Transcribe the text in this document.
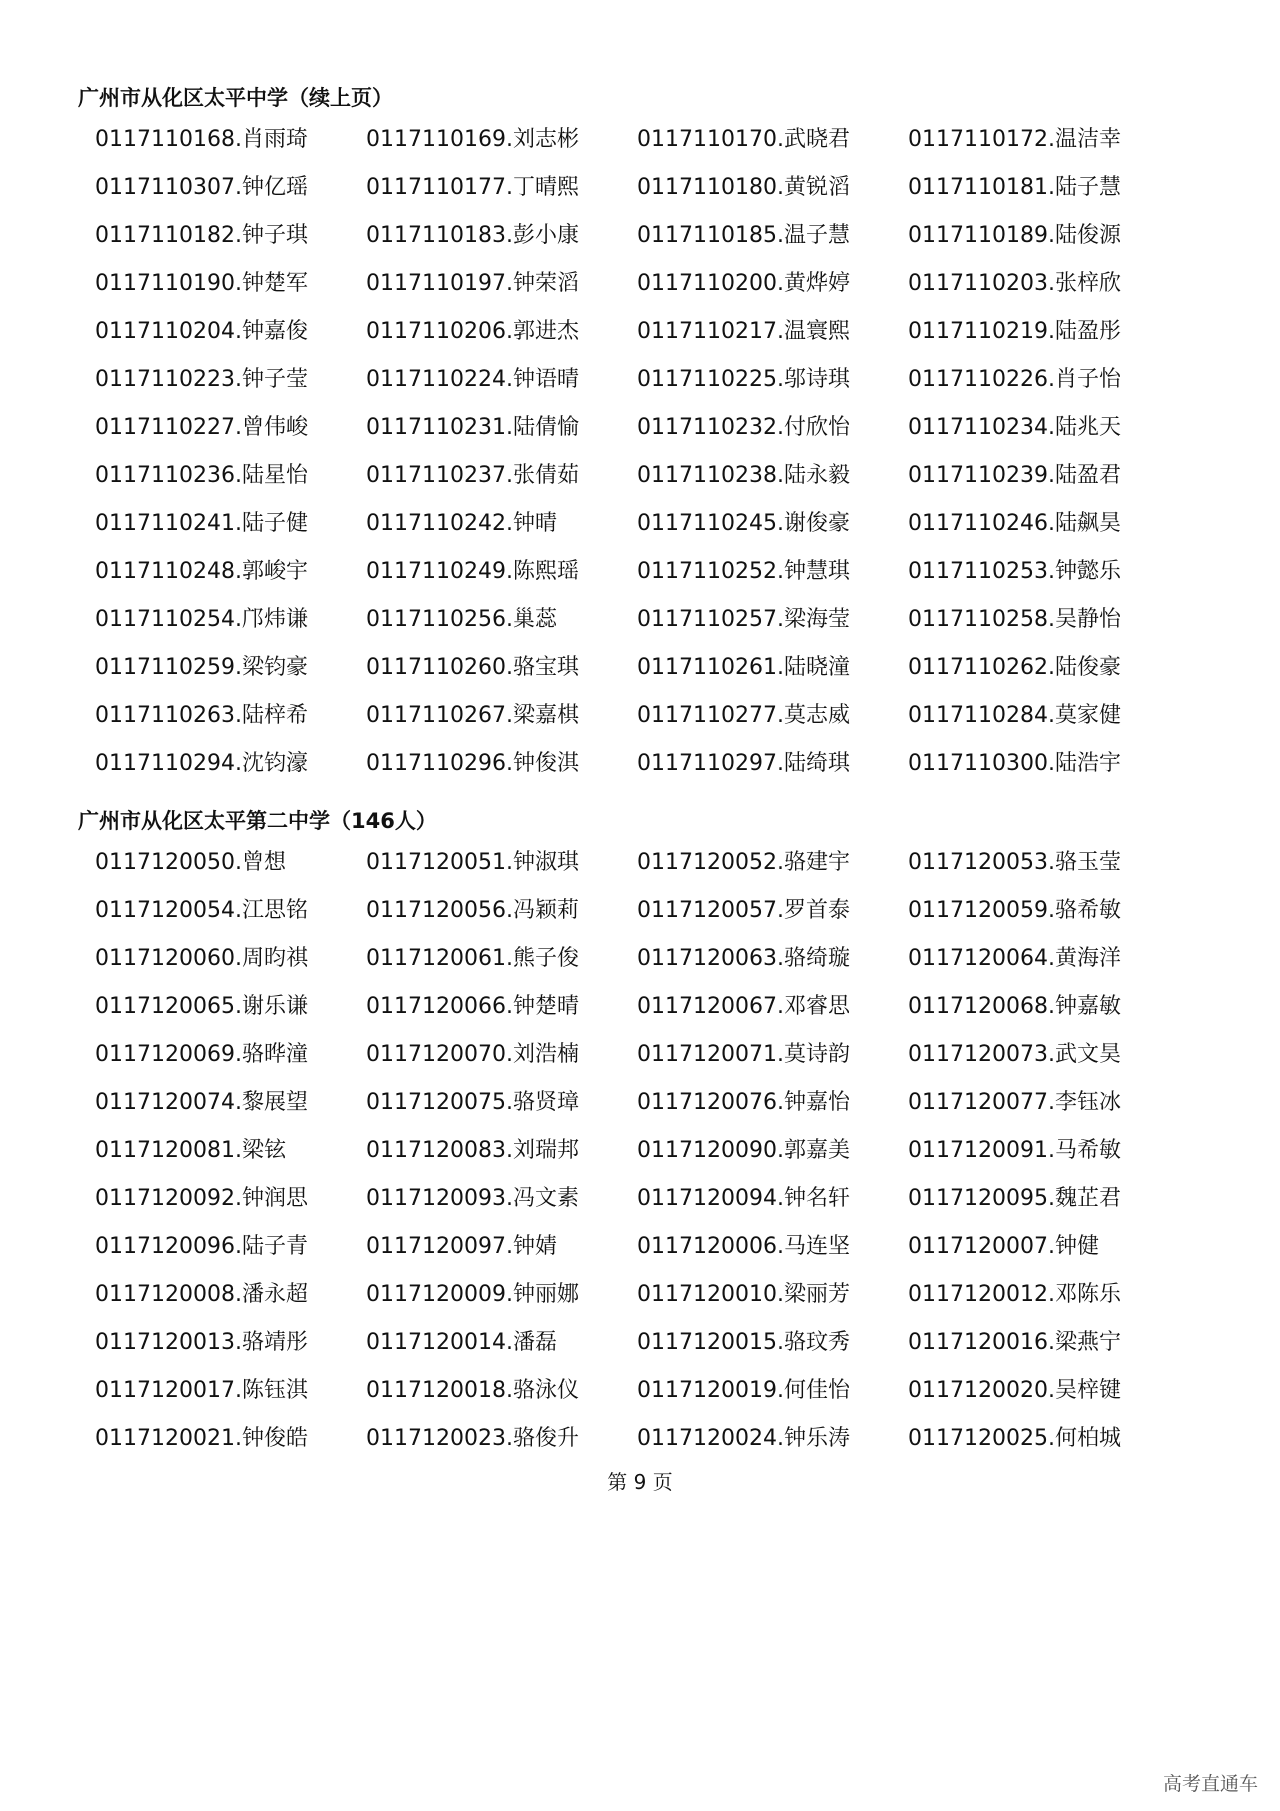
广州市从化区太平中学（续上页）
0117110168.肖雨琦	0117110169.刘志彬	0117110170.武晓君	0117110172.温洁幸
0117110307.钟亿瑶	0117110177.丁晴熙	0117110180.黄锐滔	0117110181.陆子慧
0117110182.钟子琪	0117110183.彭小康	0117110185.温子慧	0117110189.陆俊源
0117110190.钟楚军	0117110197.钟荣滔	0117110200.黄烨婷	0117110203.张梓欣
0117110204.钟嘉俊	0117110206.郭进杰	0117110217.温寰熙	0117110219.陆盈彤
0117110223.钟子莹	0117110224.钟语晴	0117110225.邬诗琪	0117110226.肖子怡
0117110227.曾伟峻	0117110231.陆倩愉	0117110232.付欣怡	0117110234.陆兆天
0117110236.陆星怡	0117110237.张倩茹	0117110238.陆永毅	0117110239.陆盈君
0117110241.陆子健	0117110242.钟晴	0117110245.谢俊豪	0117110246.陆飙昊
0117110248.郭峻宇	0117110249.陈熙瑶	0117110252.钟慧琪	0117110253.钟懿乐
0117110254.邝炜谦	0117110256.巢蕊	0117110257.梁海莹	0117110258.吴静怡
0117110259.梁钧豪	0117110260.骆宝琪	0117110261.陆晓潼	0117110262.陆俊豪
0117110263.陆梓希	0117110267.梁嘉棋	0117110277.莫志威	0117110284.莫家健
0117110294.沈钧濠	0117110296.钟俊淇	0117110297.陆绮琪	0117110300.陆浩宇
广州市从化区太平第二中学（146人）
0117120050.曾想	0117120051.钟淑琪	0117120052.骆建宇	0117120053.骆玉莹
0117120054.江思铭	0117120056.冯颖莉	0117120057.罗首泰	0117120059.骆希敏
0117120060.周昀祺	0117120061.熊子俊	0117120063.骆绮璇	0117120064.黄海洋
0117120065.谢乐谦	0117120066.钟楚晴	0117120067.邓睿思	0117120068.钟嘉敏
0117120069.骆晔潼	0117120070.刘浩楠	0117120071.莫诗韵	0117120073.武文昊
0117120074.黎展望	0117120075.骆贤璋	0117120076.钟嘉怡	0117120077.李钰冰
0117120081.梁铉	0117120083.刘瑞邦	0117120090.郭嘉美	0117120091.马希敏
0117120092.钟润思	0117120093.冯文素	0117120094.钟名轩	0117120095.魏芷君
0117120096.陆子青	0117120097.钟婧	0117120006.马连坚	0117120007.钟健
0117120008.潘永超	0117120009.钟丽娜	0117120010.梁丽芳	0117120012.邓陈乐
0117120013.骆靖彤	0117120014.潘磊	0117120015.骆玟秀	0117120016.梁燕宁
0117120017.陈钰淇	0117120018.骆泳仪	0117120019.何佳怡	0117120020.吴梓键
0117120021.钟俊皓	0117120023.骆俊升	0117120024.钟乐涛	0117120025.何柏城
第 9 页
高考直通车
